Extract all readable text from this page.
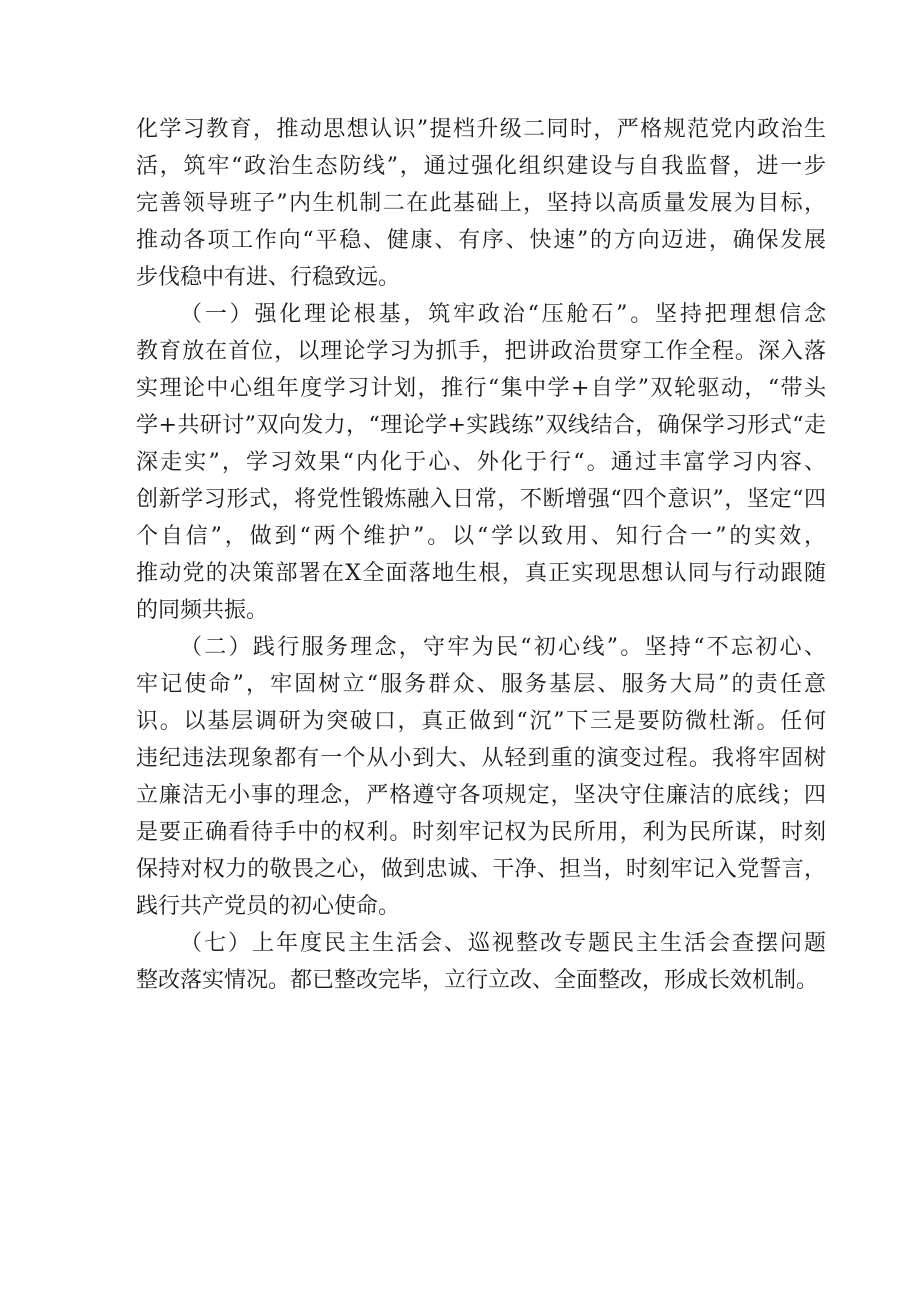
化学习教育，推动思想认识”提档升级二同时，严格规范党内政治生
活，筑牢“政治生态防线”，通过强化组织建设与自我监督，进一步
完善领导班子”内生机制二在此基础上，坚持以高质量发展为目标，
推动各项工作向“平稳、健康、有序、快速”的方向迈进，确保发展
步伐稳中有进、行稳致远。
（一）强化理论根基，筑牢政治“压舱石”。坚持把理想信念
教育放在首位，以理论学习为抓手，把讲政治贯穿工作全程。深入落
实理论中心组年度学习计划，推行“集中学+自学”双轮驱动，“带头
学+共研讨”双向发力，“理论学+实践练”双线结合，确保学习形式“走
深走实”，学习效果“内化于心、外化于行“。通过丰富学习内容、
创新学习形式，将党性锻炼融入日常，不断增强“四个意识”，坚定“四
个自信”，做到“两个维护”。以“学以致用、知行合一”的实效，
推动党的决策部署在X全面落地生根，真正实现思想认同与行动跟随
的同频共振。
（二）践行服务理念，守牢为民“初心线”。坚持“不忘初心、
牢记使命”，牢固树立“服务群众、服务基层、服务大局”的责任意
识。以基层调研为突破口，真正做到“沉”下三是要防微杜渐。任何
违纪违法现象都有一个从小到大、从轻到重的演变过程。我将牢固树
立廉洁无小事的理念，严格遵守各项规定，坚决守住廉洁的底线；四
是要正确看待手中的权利。时刻牢记权为民所用，利为民所谋，时刻
保持对权力的敬畏之心，做到忠诚、干净、担当，时刻牢记入党誓言，
践行共产党员的初心使命。
（七）上年度民主生活会、巡视整改专题民主生活会查摆问题
整改落实情况。都已整改完毕，立行立改、全面整改，形成长效机制。
